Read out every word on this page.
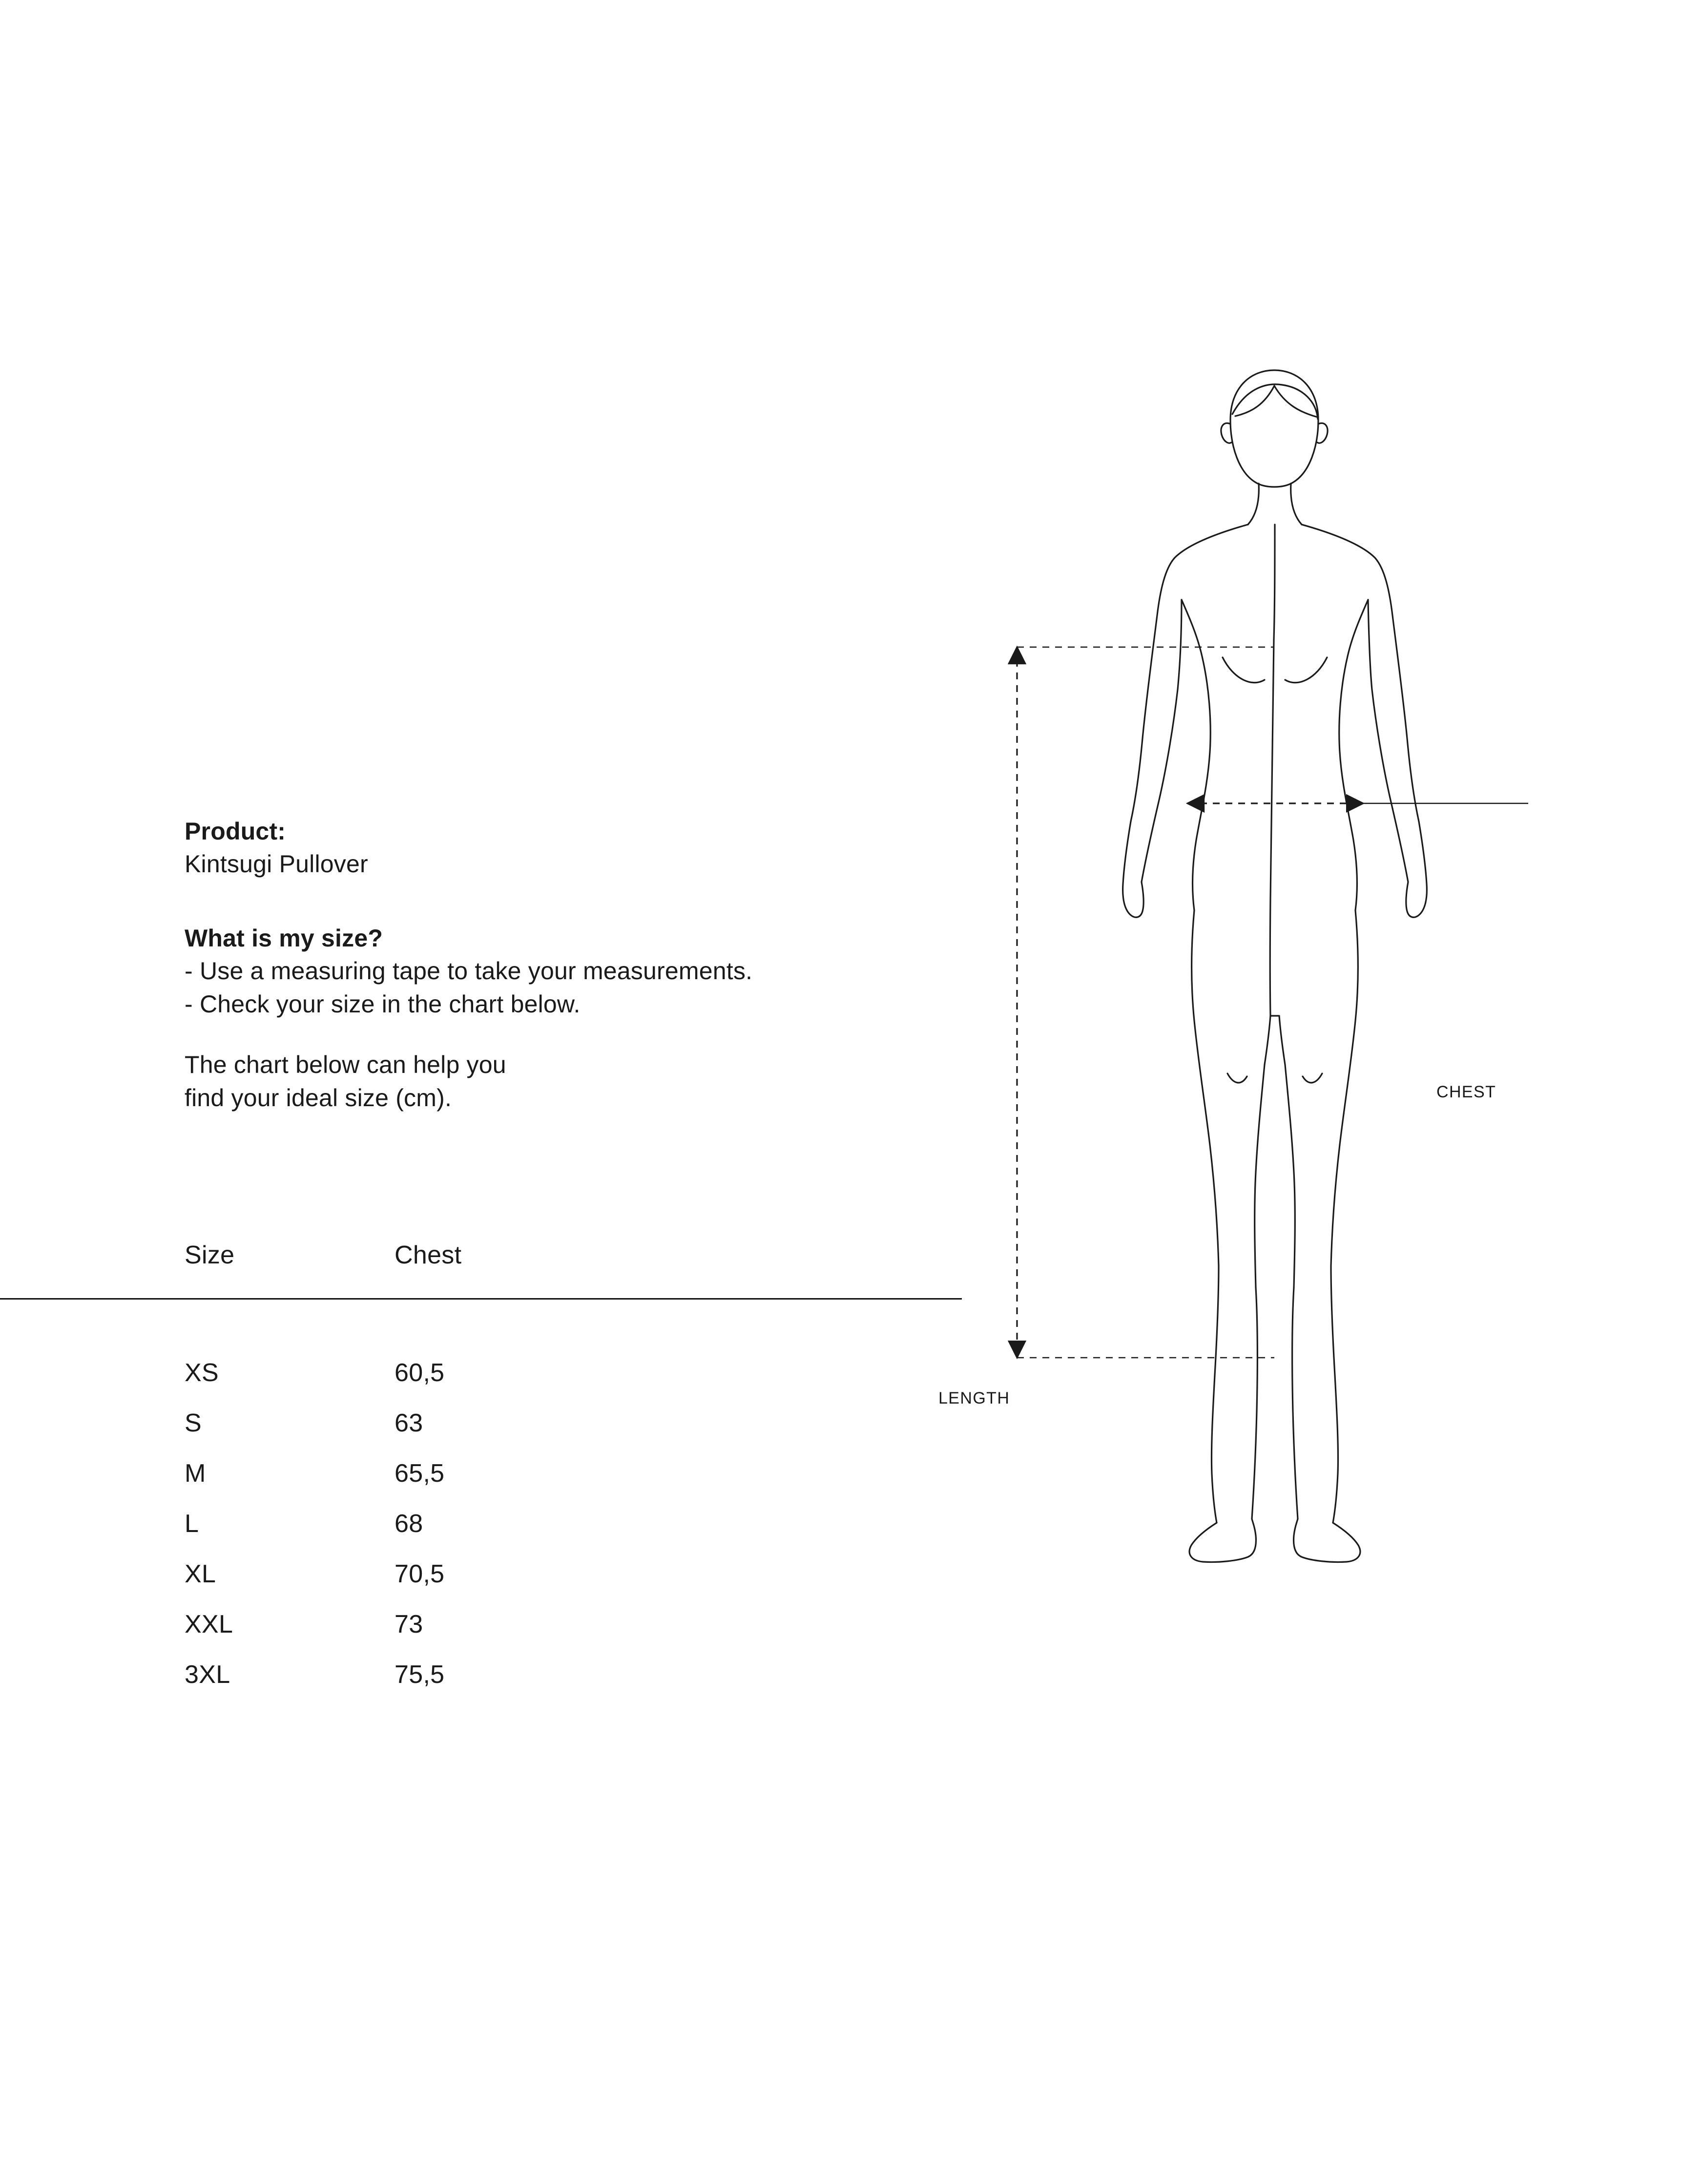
Product:
Kintsugi Pullover
What is my size?
- Use a measuring tape to take your measurements.
- Check your size in the chart below.
The chart below can help you
find your ideal size (cm).
Size	Chest
XS	60,5
S	63
M	65,5
L	68
XL	70,5
XXL	73
3XL	75,5
CHEST
LENGTH
